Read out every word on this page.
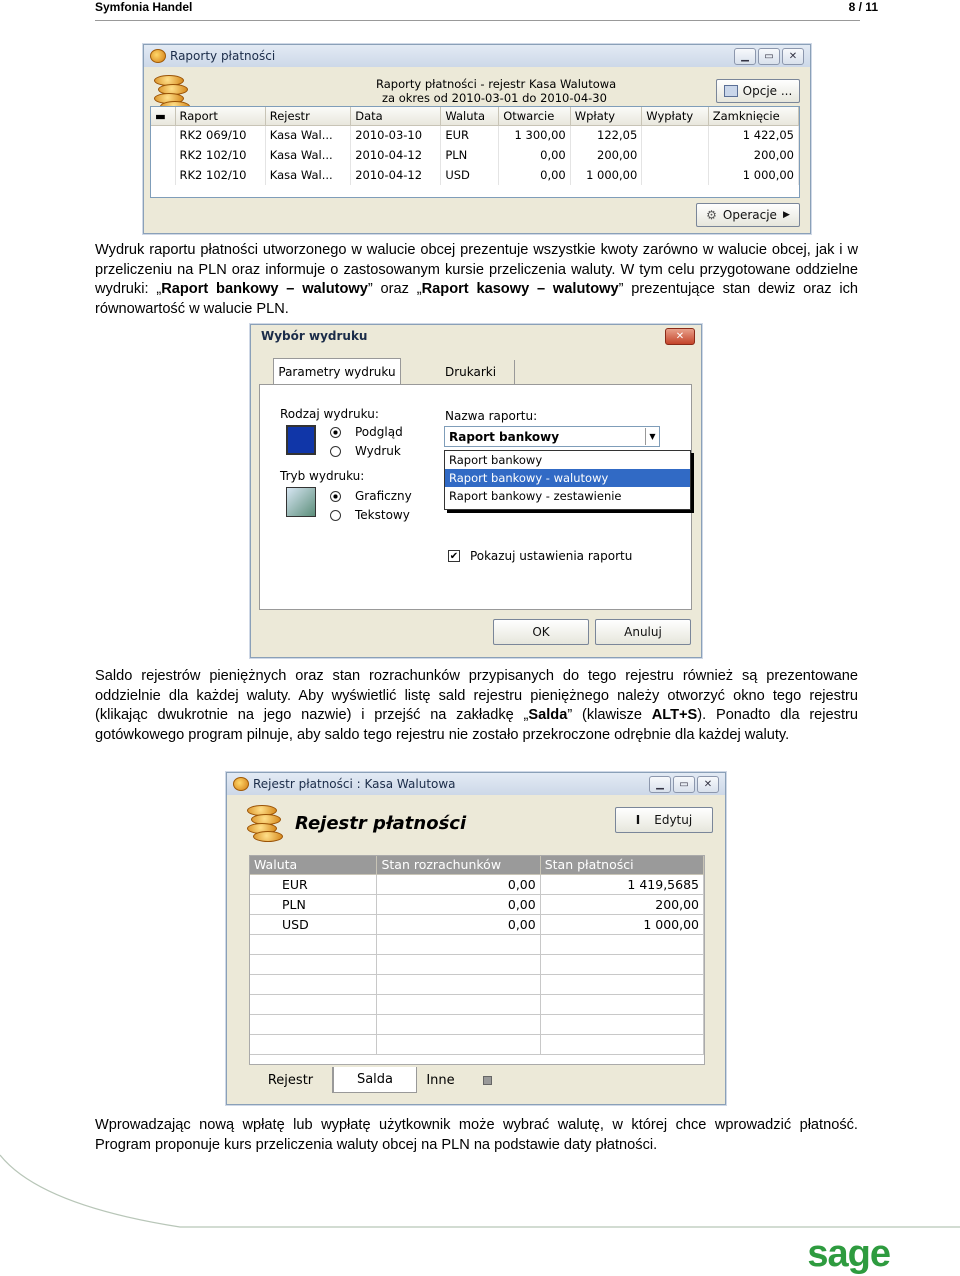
Symfonia Handel	8 / 11
Raporty płatności	▁	▭	✕
Raporty płatności - rejestr Kasa Walutowa
za okres od 2010-03-01 do 2010-04-30	Opcje ...
▬	Raport	Rejestr	Data	Waluta	Otwarcie	Wpłaty	Wypłaty	Zamknięcie
	RK2 069/10	Kasa Wal...	2010-03-10	EUR	1 300,00	122,05		1 422,05
	RK2 102/10	Kasa Wal...	2010-04-12	PLN	0,00	200,00		200,00
	RK2 102/10	Kasa Wal...	2010-04-12	USD	0,00	1 000,00		1 000,00
⚙ Operacje ▶
Wydruk raportu płatności utworzonego w walucie obcej prezentuje wszystkie kwoty zarówno w walucie obcej, jak i w przeliczeniu na PLN oraz informuje o zastosowanym kursie przeliczenia waluty. W tym celu przygotowane oddzielne wydruki: „Raport bankowy – walutowy” oraz „Raport kasowy – walutowy” prezentujące stan dewiz oraz ich równowartość w walucie PLN.
Wybór wydruku	✕
Parametry wydruku	Drukarki
Rodzaj wydruku:
Podgląd
Wydruk
Tryb wydruku:
Graficzny
Tekstowy
Nazwa raportu:
Raport bankowy	▼
Raport bankowy
Raport bankowy - walutowy
Raport bankowy - zestawienie
✔ Pokazuj ustawienia raportu
OK	Anuluj
Saldo rejestrów pieniężnych oraz stan rozrachunków przypisanych do tego rejestru również są prezentowane oddzielnie dla każdej waluty. Aby wyświetlić listę sald rejestru pieniężnego należy otworzyć okno tego rejestru (klikając dwukrotnie na jego nazwie) i przejść na zakładkę „Salda” (klawisze ALT+S). Ponadto dla rejestru gotówkowego program pilnuje, aby saldo tego rejestru nie zostało przekroczone odrębnie dla każdej waluty.
Rejestr płatności : Kasa Walutowa	▁	▭	✕
Rejestr płatności	I Edytuj
Waluta	Stan rozrachunków	Stan płatności
EUR	0,00	1 419,5685
PLN	0,00	200,00
USD	0,00	1 000,00

Rejestr	Salda	Inne
Wprowadzając nową wpłatę lub wypłatę użytkownik może wybrać walutę, w której chce wprowadzić płatność. Program proponuje kurs przeliczenia waluty obcej na PLN na podstawie daty płatności.
sage
